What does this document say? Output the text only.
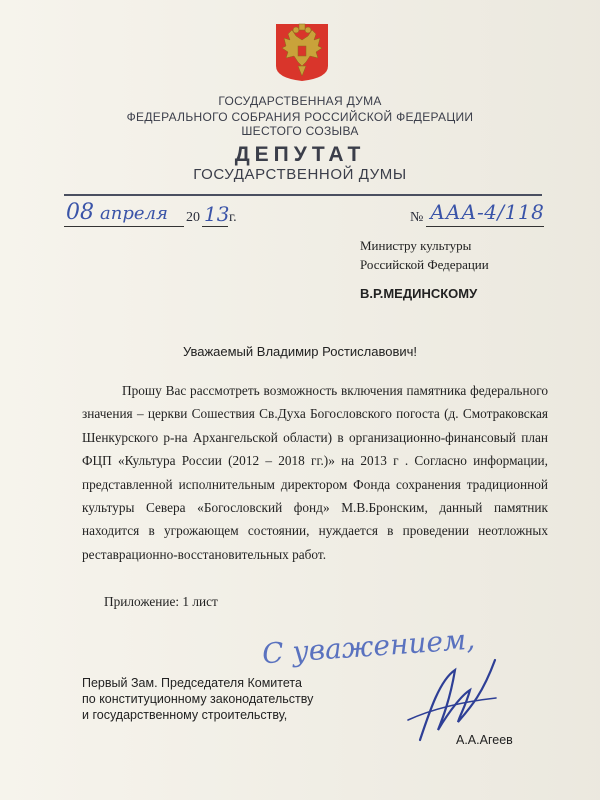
ГОСУДАРСТВЕННАЯ ДУМА
ФЕДЕРАЛЬНОГО СОБРАНИЯ РОССИЙСКОЙ ФЕДЕРАЦИИ
ШЕСТОГО СОЗЫВА
ДЕПУТАТ
ГОСУДАРСТВЕННОЙ ДУМЫ
08 апреля 20 13 г.	№ ААА-4/118
Министру культуры
Российской Федерации
В.Р.МЕДИНСКОМУ
Уважаемый Владимир Ростиславович!

Прошу Вас рассмотреть возможность включения памятника федерального значения – церкви Сошествия Св.Духа Богословского погоста (д. Смотраковская Шенкурского р-на Архангельской области) в организационно-финансовый план ФЦП «Культура России (2012 – 2018 гг.)» на 2013 г . Согласно информации, представленной исполнительным директором Фонда сохранения традиционной культуры Севера «Богословский фонд» М.В.Бронским, данный памятник находится в угрожающем состоянии, нуждается в проведении неотложных реставрационно-восстановительных работ.

Приложение: 1 лист
С уважением,
Первый Зам. Председателя Комитета
по конституционному законодательству
и государственному строительству,
А.А.Агеев
